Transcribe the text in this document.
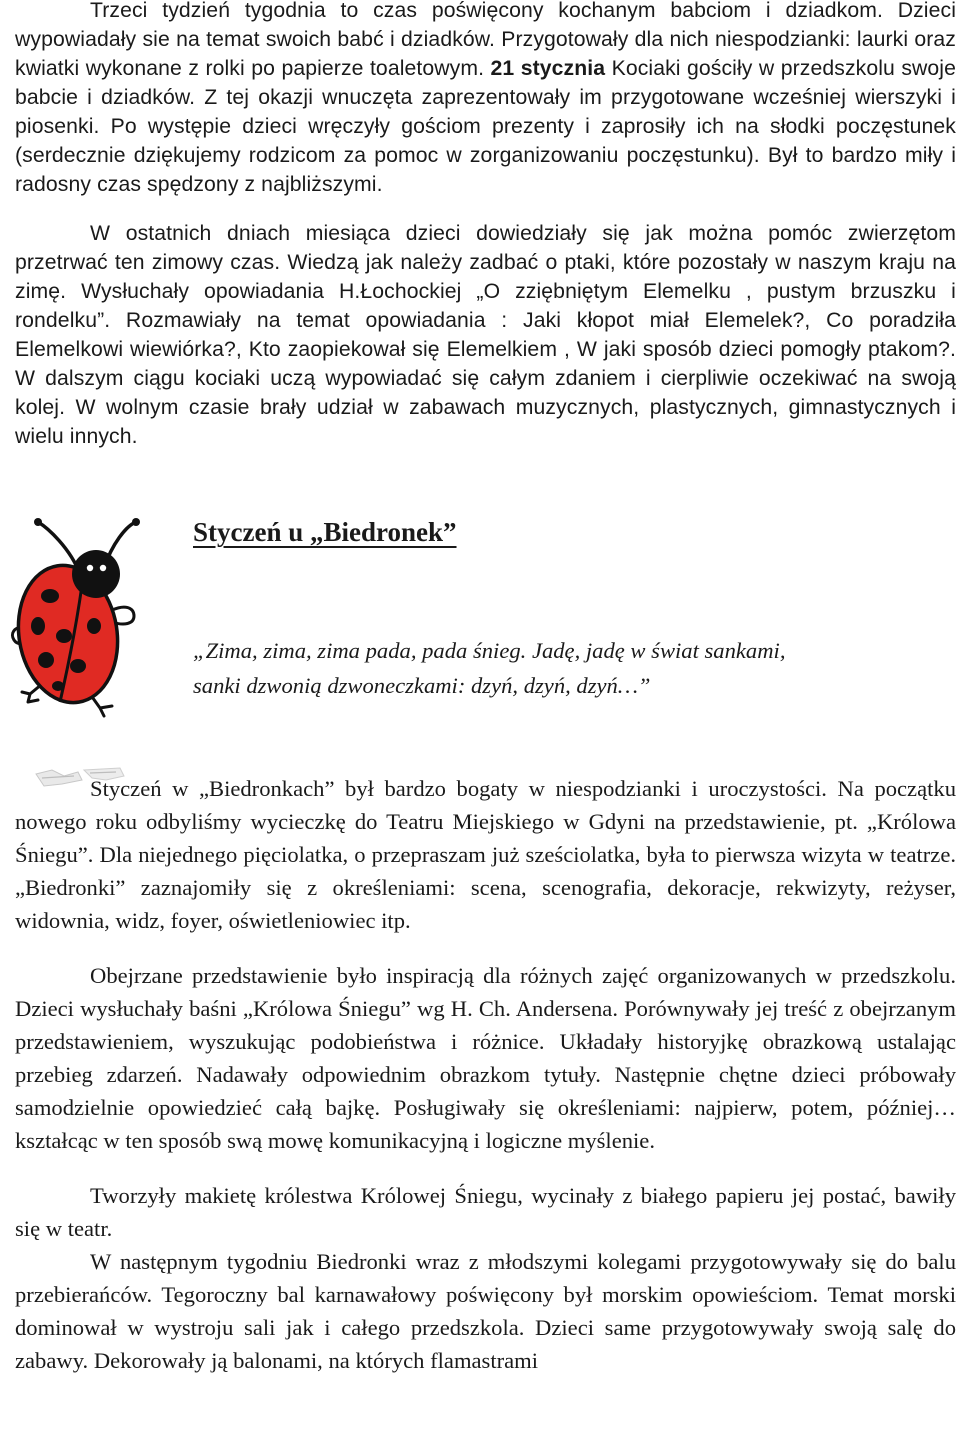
Trzeci tydzień tygodnia to czas poświęcony kochanym babciom i dziadkom. Dzieci wypowiadały sie na temat swoich babć i dziadków. Przygotowały dla nich niespodzianki: laurki oraz kwiatki wykonane z rolki po papierze toaletowym. 21 stycznia Kociaki gościły w przedszkolu swoje babcie i dziadków. Z tej okazji wnuczęta zaprezentowały im przygotowane wcześniej wierszyki i piosenki. Po występie dzieci wręczyły gościom prezenty i zaprosiły ich na słodki poczęstunek (serdecznie dziękujemy rodzicom za pomoc w zorganizowaniu poczęstunku). Był to bardzo miły i radosny czas spędzony z najbliższymi.

W ostatnich dniach miesiąca dzieci dowiedziały się jak można pomóc zwierzętom przetrwać ten zimowy czas. Wiedzą jak należy zadbać o ptaki, które pozostały w naszym kraju na zimę. Wysłuchały opowiadania H.Łochockiej „O zziębniętym Elemelku , pustym brzuszku i rondelku”. Rozmawiały na temat opowiadania : Jaki kłopot miał Elemelek?, Co poradziła Elemelkowi wiewiórka?, Kto zaopiekował się Elemelkiem , W jaki sposób dzieci pomogły ptakom?. W dalszym ciągu kociaki uczą wypowiadać się całym zdaniem i cierpliwie oczekiwać na swoją kolej. W wolnym czasie brały udział w zabawach muzycznych, plastycznych, gimnastycznych i wielu innych.

Styczeń u „Biedronek”
„Zima, zima, zima pada, pada śnieg. Jadę, jadę w świat sankami,
sanki dzwonią dzwoneczkami: dzyń, dzyń, dzyń…”

Styczeń w „Biedronkach” był bardzo bogaty w niespodzianki i uroczystości. Na początku nowego roku odbyliśmy wycieczkę do Teatru Miejskiego w Gdyni na przedstawienie, pt. „Królowa Śniegu”. Dla niejednego pięciolatka, o przepraszam już sześciolatka, była to pierwsza wizyta w teatrze. „Biedronki” zaznajomiły się z określeniami: scena, scenografia, dekoracje, rekwizyty, reżyser, widownia, widz, foyer, oświetleniowiec itp.

Obejrzane przedstawienie było inspiracją dla różnych zajęć organizowanych w przedszkolu. Dzieci wysłuchały baśni „Królowa Śniegu” wg H. Ch. Andersena. Porównywały jej treść z obejrzanym przedstawieniem, wyszukując podobieństwa i różnice. Układały historyjkę obrazkową ustalając przebieg zdarzeń. Nadawały odpowiednim obrazkom tytuły. Następnie chętne dzieci próbowały samodzielnie opowiedzieć całą bajkę. Posługiwały się określeniami: najpierw, potem, później… kształcąc w ten sposób swą mowę komunikacyjną i logiczne myślenie.

Tworzyły makietę królestwa Królowej Śniegu, wycinały z białego papieru jej postać, bawiły się w teatr.

W następnym tygodniu Biedronki wraz z młodszymi kolegami przygotowywały się do balu przebierańców. Tegoroczny bal karnawałowy poświęcony był morskim opowieściom. Temat morski dominował w wystroju sali jak i całego przedszkola. Dzieci same przygotowywały swoją salę do zabawy. Dekorowały ją balonami, na których flamastrami
